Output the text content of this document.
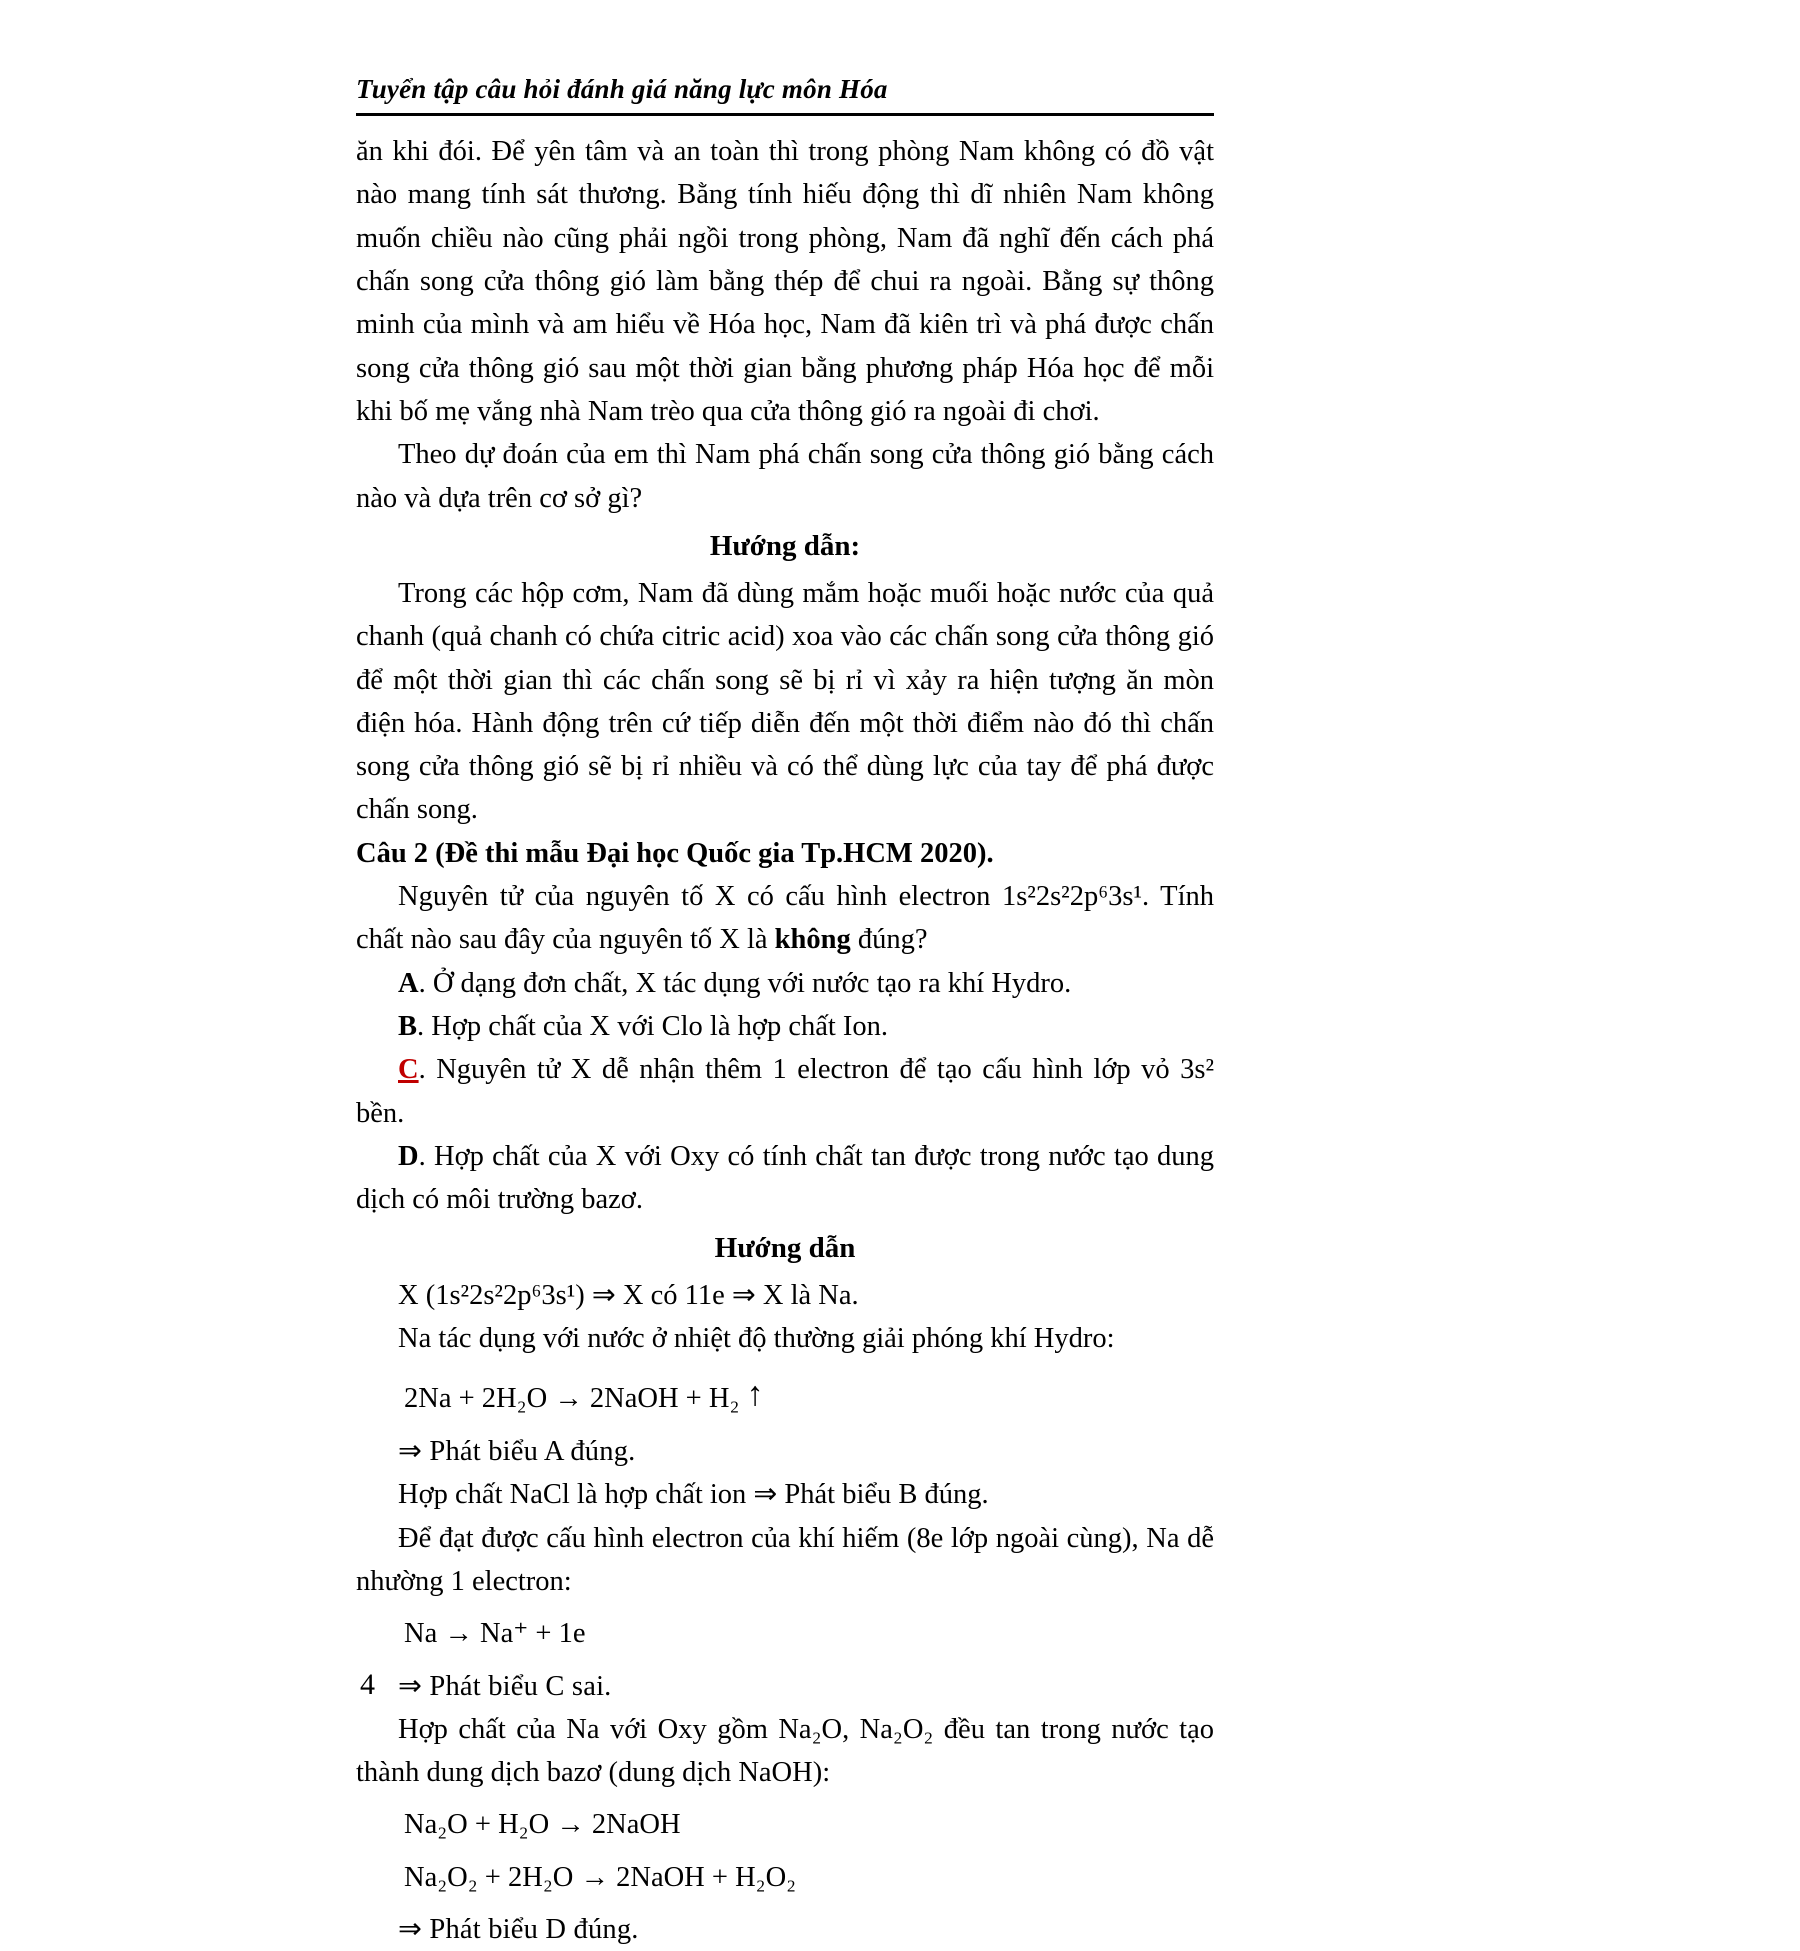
Tuyển tập câu hỏi đánh giá năng lực môn Hóa

ăn khi đói. Để yên tâm và an toàn thì trong phòng Nam không có đồ vật nào mang tính sát thương. Bằng tính hiếu động thì dĩ nhiên Nam không muốn chiều nào cũng phải ngồi trong phòng, Nam đã nghĩ đến cách phá chấn song cửa thông gió làm bằng thép để chui ra ngoài. Bằng sự thông minh của mình và am hiểu về Hóa học, Nam đã kiên trì và phá được chấn song cửa thông gió sau một thời gian bằng phương pháp Hóa học để mỗi khi bố mẹ vắng nhà Nam trèo qua cửa thông gió ra ngoài đi chơi.

Theo dự đoán của em thì Nam phá chấn song cửa thông gió bằng cách nào và dựa trên cơ sở gì?

Hướng dẫn:

Trong các hộp cơm, Nam đã dùng mắm hoặc muối hoặc nước của quả chanh (quả chanh có chứa citric acid) xoa vào các chấn song cửa thông gió để một thời gian thì các chấn song sẽ bị rỉ vì xảy ra hiện tượng ăn mòn điện hóa. Hành động trên cứ tiếp diễn đến một thời điểm nào đó thì chấn song cửa thông gió sẽ bị rỉ nhiều và có thể dùng lực của tay để phá được chấn song.

Câu 2 (Đề thi mẫu Đại học Quốc gia Tp.HCM 2020).

Nguyên tử của nguyên tố X có cấu hình electron 1s²2s²2p⁶3s¹. Tính chất nào sau đây của nguyên tố X là không đúng?

A. Ở dạng đơn chất, X tác dụng với nước tạo ra khí Hydro.

B. Hợp chất của X với Clo là hợp chất Ion.

C. Nguyên tử X dễ nhận thêm 1 electron để tạo cấu hình lớp vỏ 3s² bền.

D. Hợp chất của X với Oxy có tính chất tan được trong nước tạo dung dịch có môi trường bazơ.

Hướng dẫn

X (1s²2s²2p⁶3s¹) ⇒ X có 11e ⇒ X là Na.

Na tác dụng với nước ở nhiệt độ thường giải phóng khí Hydro:

2Na + 2H₂O → 2NaOH + H₂ ↑

⇒ Phát biểu A đúng.

Hợp chất NaCl là hợp chất ion ⇒ Phát biểu B đúng.

Để đạt được cấu hình electron của khí hiếm (8e lớp ngoài cùng), Na dễ nhường 1 electron:

Na → Na⁺ + 1e

⇒ Phát biểu C sai.

Hợp chất của Na với Oxy gồm Na₂O, Na₂O₂ đều tan trong nước tạo thành dung dịch bazơ (dung dịch NaOH):

Na₂O + H₂O → 2NaOH

Na₂O₂ + 2H₂O → 2NaOH + H₂O₂

⇒ Phát biểu D đúng.

4
